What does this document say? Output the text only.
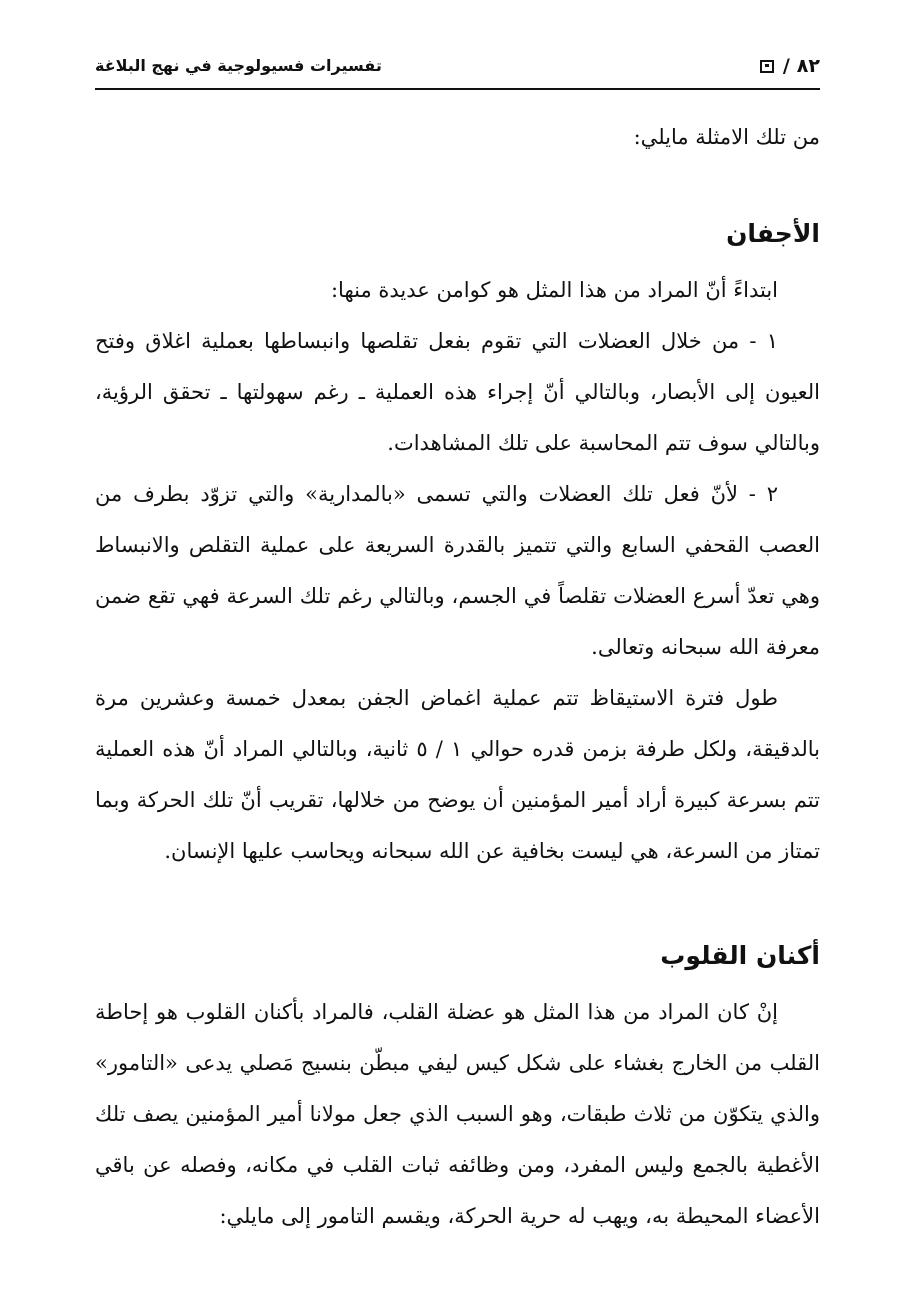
٨٢/
تفسيرات فسيولوجية في نهج البلاغة

من تلك الامثلة مايلي:

الأجفان

ابتداءً أنّ المراد من هذا المثل هو كوامن عديدة منها:

١ - من خلال العضلات التي تقوم بفعل تقلصها وانبساطها بعملية اغلاق وفتح العيون إلى الأبصار، وبالتالي أنّ إجراء هذه العملية ـ رغم سهولتها ـ تحقق الرؤية، وبالتالي سوف تتم المحاسبة على تلك المشاهدات.

٢ - لأنّ فعل تلك العضلات والتي تسمى «بالمدارية» والتي تزوّد بطرف من العصب القحفي السابع والتي تتميز بالقدرة السريعة على عملية التقلص والانبساط وهي تعدّ أسرع العضلات تقلصاً في الجسم، وبالتالي رغم تلك السرعة فهي تقع ضمن معرفة الله سبحانه وتعالى.

طول فترة الاستيقاظ تتم عملية اغماض الجفن بمعدل خمسة وعشرين مرة بالدقيقة، ولكل طرفة بزمن قدره حوالي ١ / ٥ ثانية، وبالتالي المراد أنّ هذه العملية تتم بسرعة كبيرة أراد أمير المؤمنين أن يوضح من خلالها، تقريب أنّ تلك الحركة وبما تمتاز من السرعة، هي ليست بخافية عن الله سبحانه ويحاسب عليها الإنسان.

أكنان القلوب

إنْ كان المراد من هذا المثل هو عضلة القلب، فالمراد بأكنان القلوب هو إحاطة القلب من الخارج بغشاء على شكل كيس ليفي مبطّن بنسيج مَصلي يدعى «التامور» والذي يتكوّن من ثلاث طبقات، وهو السبب الذي جعل مولانا أمير المؤمنين يصف تلك الأغطية بالجمع وليس المفرد، ومن وظائفه ثبات القلب في مكانه، وفصله عن باقي الأعضاء المحيطة به، ويهب له حرية الحركة، ويقسم التامور إلى مايلي:
